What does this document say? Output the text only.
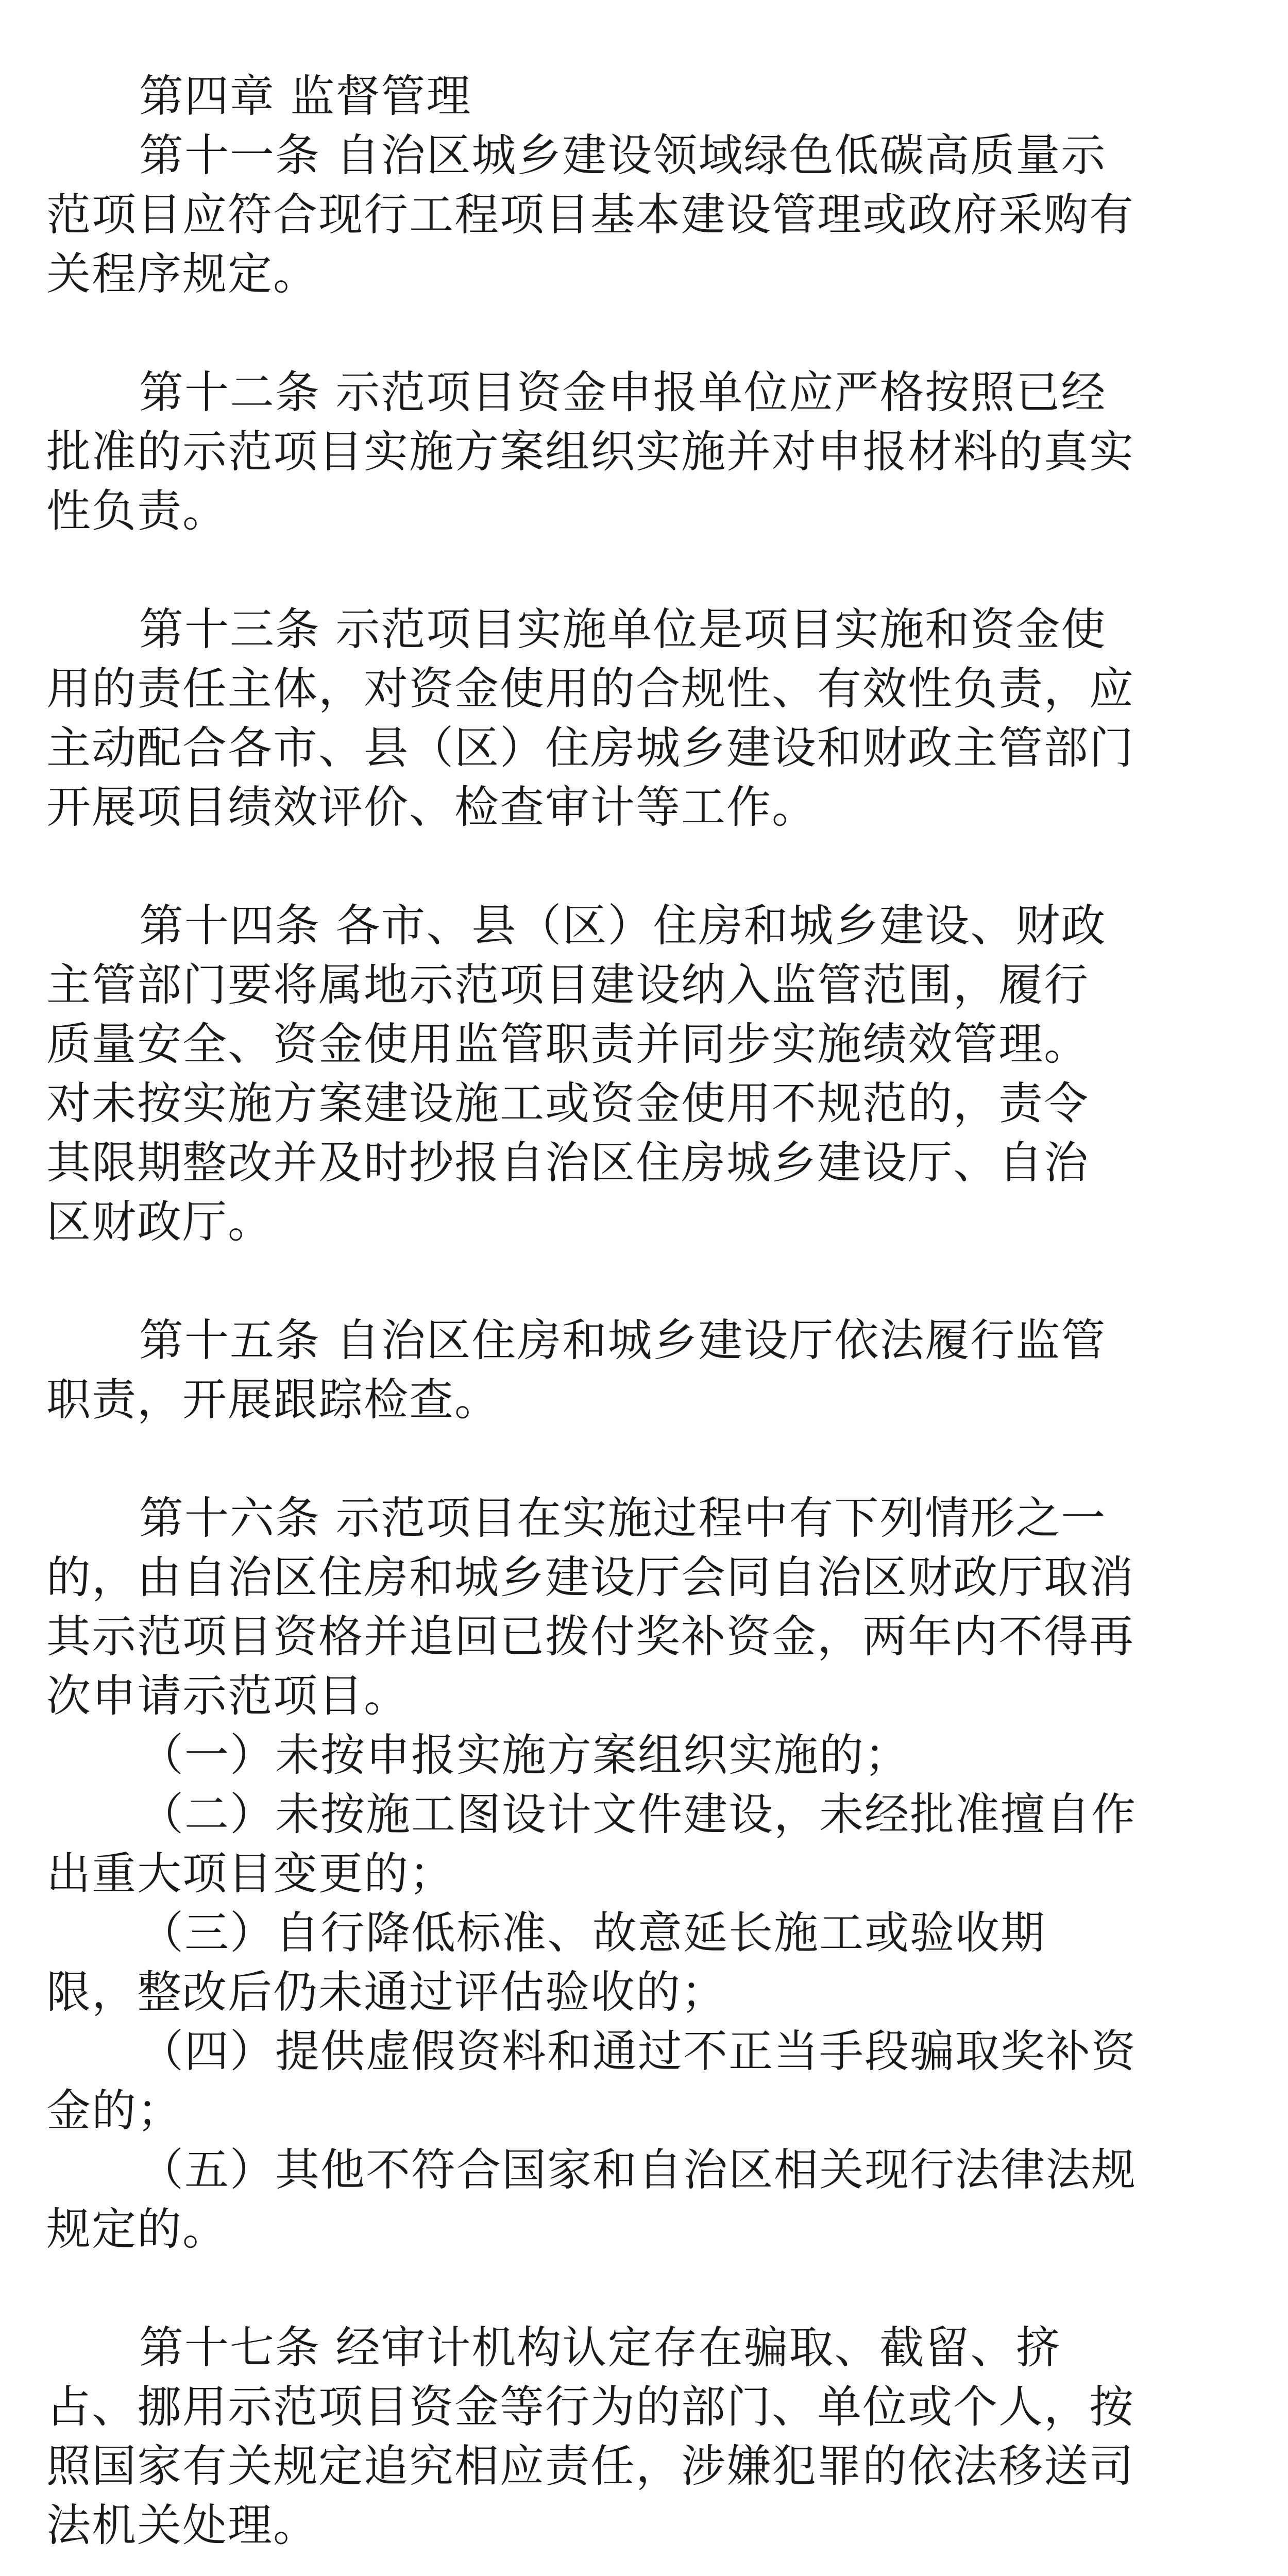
第四章 监督管理
第十一条 自治区城乡建设领域绿色低碳高质量示
范项目应符合现行工程项目基本建设管理或政府采购有
关程序规定。
第十二条 示范项目资金申报单位应严格按照已经
批准的示范项目实施方案组织实施并对申报材料的真实
性负责。
第十三条 示范项目实施单位是项目实施和资金使
用的责任主体，对资金使用的合规性、有效性负责，应
主动配合各市、县（区）住房城乡建设和财政主管部门
开展项目绩效评价、检查审计等工作。
第十四条 各市、县（区）住房和城乡建设、财政
主管部门要将属地示范项目建设纳入监管范围，履行
质量安全、资金使用监管职责并同步实施绩效管理。
对未按实施方案建设施工或资金使用不规范的，责令
其限期整改并及时抄报自治区住房城乡建设厅、自治
区财政厅。
第十五条 自治区住房和城乡建设厅依法履行监管
职责，开展跟踪检查。
第十六条 示范项目在实施过程中有下列情形之一
的，由自治区住房和城乡建设厅会同自治区财政厅取消
其示范项目资格并追回已拨付奖补资金，两年内不得再
次申请示范项目。
（一）未按申报实施方案组织实施的；
（二）未按施工图设计文件建设，未经批准擅自作
出重大项目变更的；
（三）自行降低标准、故意延长施工或验收期
限，整改后仍未通过评估验收的；
（四）提供虚假资料和通过不正当手段骗取奖补资
金的；
（五）其他不符合国家和自治区相关现行法律法规
规定的。
第十七条 经审计机构认定存在骗取、截留、挤
占、挪用示范项目资金等行为的部门、单位或个人，按
照国家有关规定追究相应责任，涉嫌犯罪的依法移送司
法机关处理。
